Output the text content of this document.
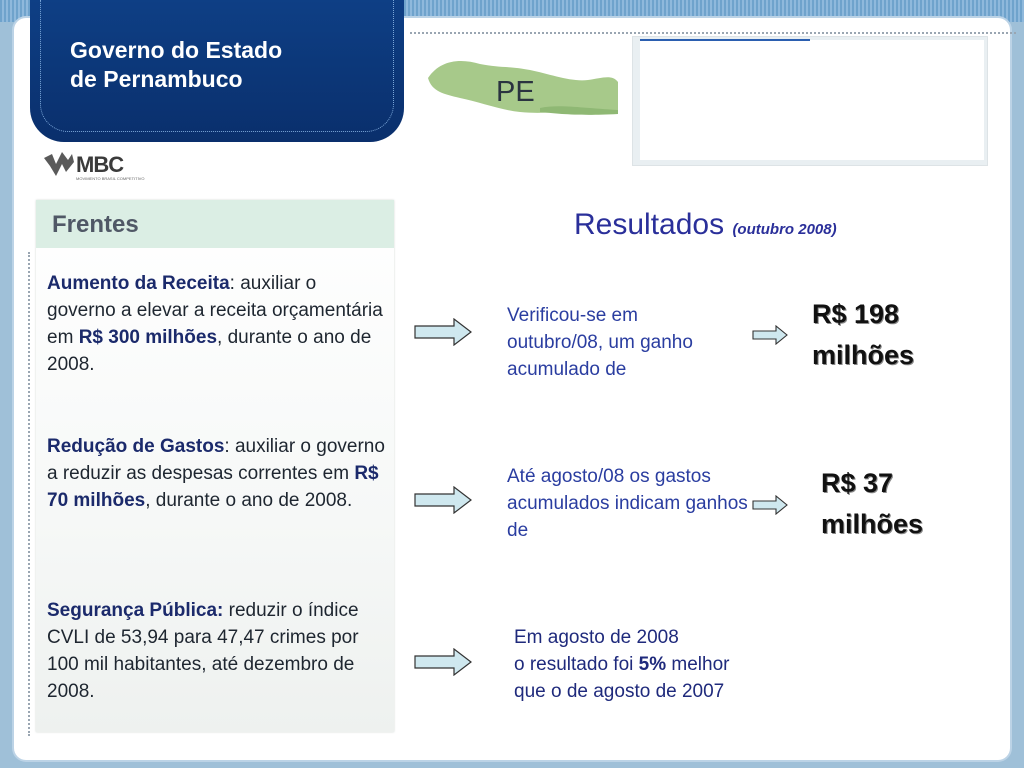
Governo do Estado
de Pernambuco	PE
MBC
MOVIMENTO BRASIL COMPETITIVO
Frentes
Aumento da Receita: auxiliar o governo a elevar a receita orçamentária em R$ 300 milhões, durante o ano de 2008.
Redução de Gastos: auxiliar o governo a reduzir as despesas correntes em R$ 70 milhões, durante o ano de 2008.
Segurança Pública: reduzir o índice CVLI de 53,94 para 47,47 crimes por 100 mil habitantes, até dezembro de 2008.
Resultados (outubro 2008)
Verificou-se em outubro/08, um ganho acumulado de
R$ 198
milhões
Até agosto/08 os gastos acumulados indicam ganhos de
R$ 37
milhões
Em agosto de 2008
o resultado foi 5% melhor
que o de agosto de 2007
